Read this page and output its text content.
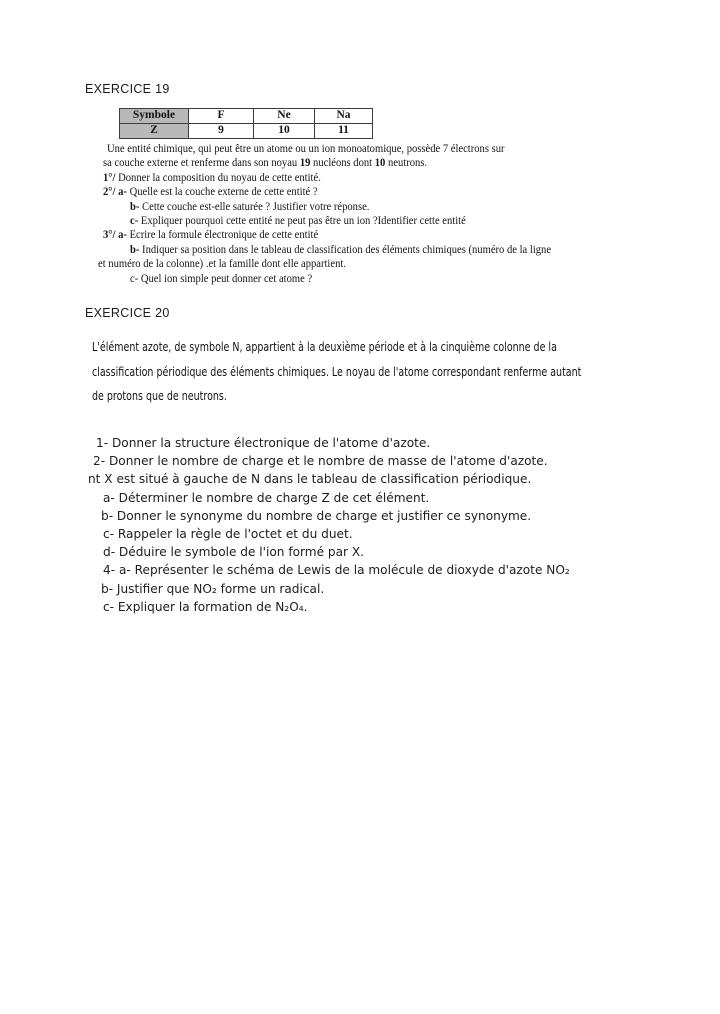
EXERCICE 19
Symbole	F	Ne	Na
Z	9	10	11
Une entité chimique, qui peut être un atome ou un ion monoatomique, possède 7 électrons sur
sa couche externe et renferme dans son noyau 19 nucléons dont 10 neutrons.
1°/ Donner la composition du noyau de cette entité.
2°/ a- Quelle est la couche externe de cette entité ?
b- Cette couche est-elle saturée ? Justifier votre réponse.
c- Expliquer pourquoi cette entité ne peut pas être un ion ?Identifier cette entité
3°/ a- Ecrire la formule électronique de cette entité
b- Indiquer sa position dans le tableau de classification des éléments chimiques (numéro de la ligne
et numéro de la colonne) .et la famille dont elle appartient.
c- Quel ion simple peut donner cet atome ?
EXERCICE 20
L'élément azote, de symbole N, appartient à la deuxième période et à la cinquième colonne de la
classification périodique des éléments chimiques. Le noyau de l'atome correspondant renferme autant
de protons que de neutrons.
1- Donner la structure électronique de l'atome d'azote.
2- Donner le nombre de charge et le nombre de masse de l'atome d'azote.
nt X est situé à gauche de N dans le tableau de classification périodique.
a- Déterminer le nombre de charge Z de cet élément.
b- Donner le synonyme du nombre de charge et justifier ce synonyme.
c- Rappeler la règle de l'octet et du duet.
d- Déduire le symbole de l'ion formé par X.
4- a- Représenter le schéma de Lewis de la molécule de dioxyde d'azote NO₂
b- Justifier que NO₂ forme un radical.
c- Expliquer la formation de N₂O₄.
